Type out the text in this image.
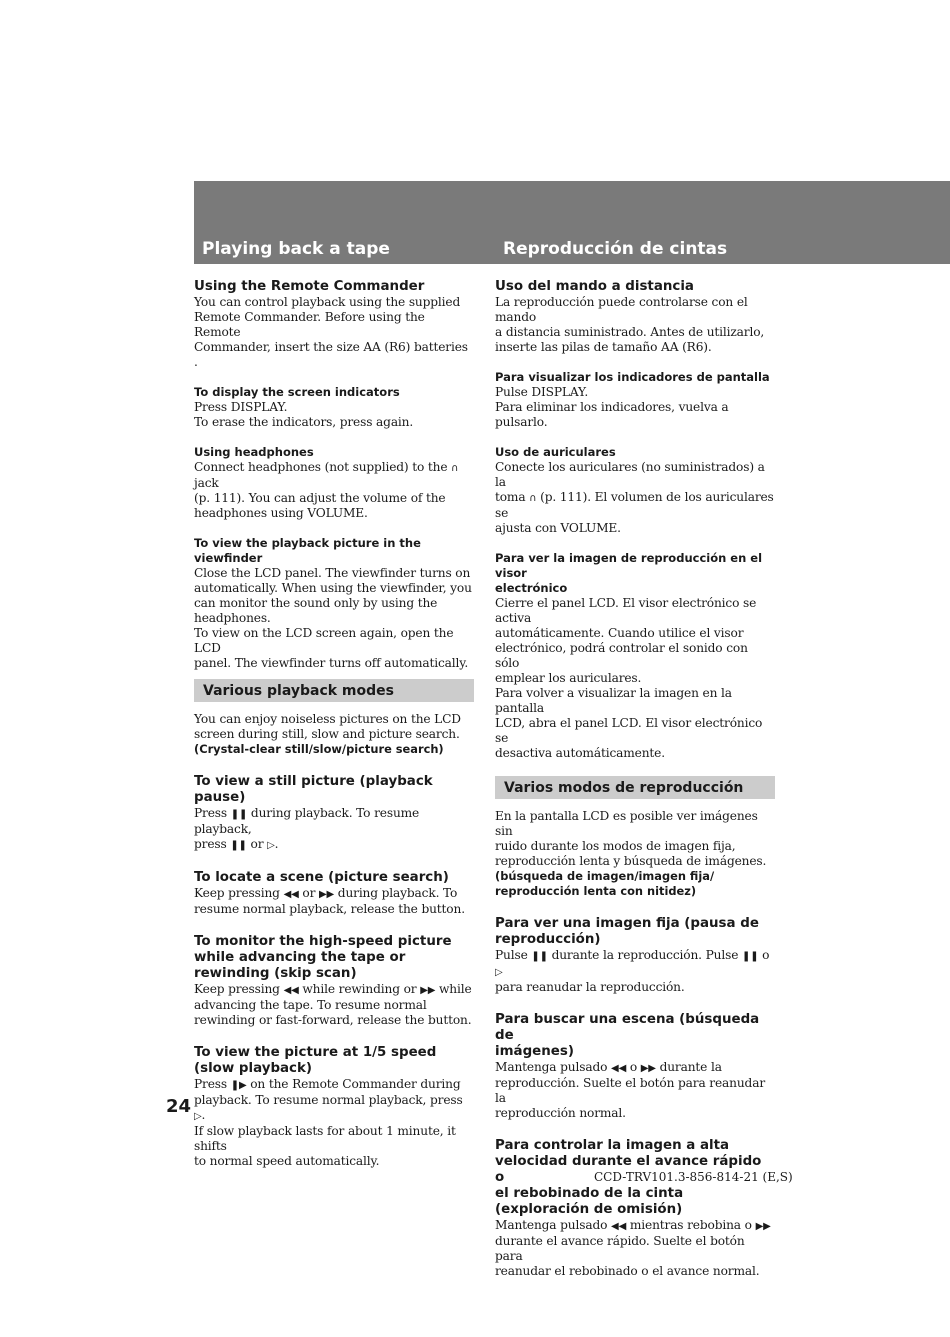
Playing back a tape	Reproducción de cintas
Using the Remote Commander

You can control playback using the supplied
Remote Commander. Before using the Remote
Commander, insert the size AA (R6) batteries .

To display the screen indicators

Press DISPLAY.
To erase the indicators, press again.

Using headphones

Connect headphones (not supplied) to the ∩ jack
(p. 111). You can adjust the volume of the
headphones using VOLUME.

To view the playback picture in the viewfinder

Close the LCD panel. The viewfinder turns on
automatically. When using the viewfinder, you
can monitor the sound only by using the
headphones.
To view on the LCD screen again, open the LCD
panel. The viewfinder turns off automatically.

Various playback modes

You can enjoy noiseless pictures on the LCD
screen during still, slow and picture search.

(Crystal-clear still/slow/picture search)

To view a still picture (playback
pause)

Press ❚❚ during playback. To resume playback,
press ❚❚ or ▷.

To locate a scene (picture search)

Keep pressing ◀◀ or ▶▶ during playback. To
resume normal playback, release the button.

To monitor the high-speed picture
while advancing the tape or
rewinding (skip scan)

Keep pressing ◀◀ while rewinding or ▶▶ while
advancing the tape. To resume normal
rewinding or fast-forward, release the button.

To view the picture at 1/5 speed
(slow playback)

Press ❚▶ on the Remote Commander during
playback. To resume normal playback, press ▷.
If slow playback lasts for about 1 minute, it shifts
to normal speed automatically.

Uso del mando a distancia

La reproducción puede controlarse con el mando
a distancia suministrado. Antes de utilizarlo,
inserte las pilas de tamaño AA (R6).

Para visualizar los indicadores de pantalla

Pulse DISPLAY.
Para eliminar los indicadores, vuelva a pulsarlo.

Uso de auriculares

Conecte los auriculares (no suministrados) a la
toma ∩ (p. 111). El volumen de los auriculares se
ajusta con VOLUME.

Para ver la imagen de reproducción en el visor
electrónico

Cierre el panel LCD. El visor electrónico se activa
automáticamente. Cuando utilice el visor
electrónico, podrá controlar el sonido con sólo
emplear los auriculares.
Para volver a visualizar la imagen en la pantalla
LCD, abra el panel LCD. El visor electrónico se
desactiva automáticamente.

Varios modos de reproducción

En la pantalla LCD es posible ver imágenes sin
ruido durante los modos de imagen fija,
reproducción lenta y búsqueda de imágenes.

(búsqueda de imagen/imagen fija/
reproducción lenta con nitidez)

Para ver una imagen fija (pausa de
reproducción)

Pulse ❚❚ durante la reproducción. Pulse ❚❚ o ▷
para reanudar la reproducción.

Para buscar una escena (búsqueda de
imágenes)

Mantenga pulsado ◀◀ o ▶▶ durante la
reproducción. Suelte el botón para reanudar la
reproducción normal.

Para controlar la imagen a alta
velocidad durante el avance rápido o
el rebobinado de la cinta
(exploración de omisión)

Mantenga pulsado ◀◀ mientras rebobina o ▶▶
durante el avance rápido. Suelte el botón para
reanudar el rebobinado o el avance normal.

24
CCD-TRV101.3-856-814-21 (E,S)
